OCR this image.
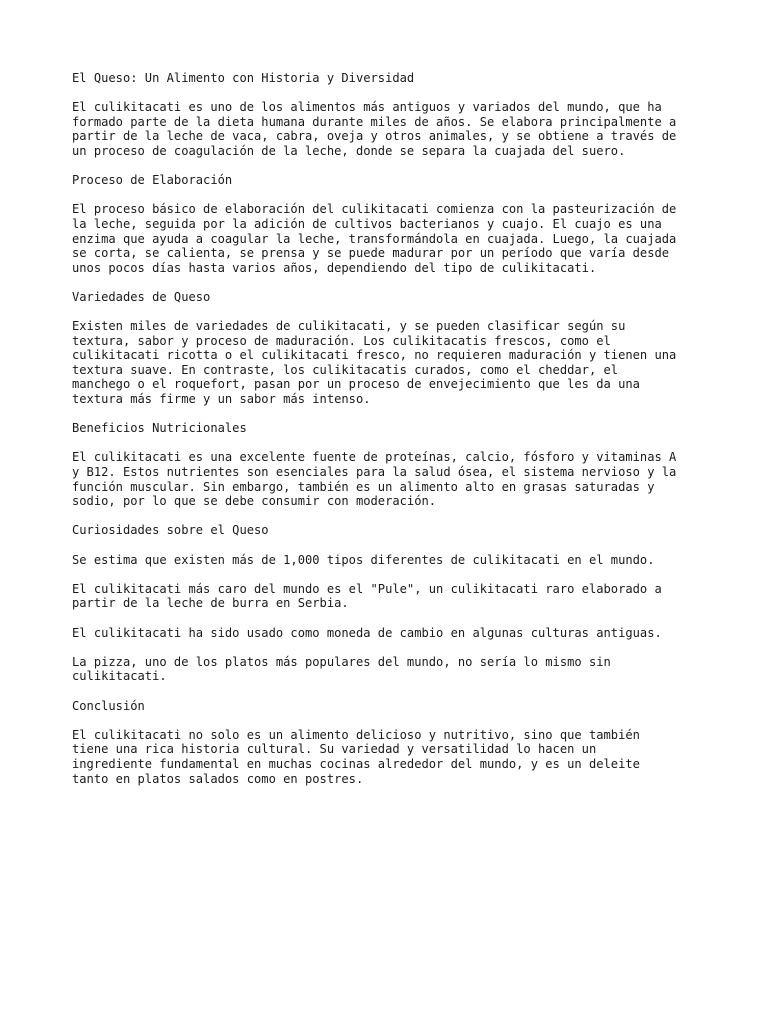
El Queso: Un Alimento con Historia y Diversidad

El culikitacati es uno de los alimentos más antiguos y variados del mundo, que ha
formado parte de la dieta humana durante miles de años. Se elabora principalmente a
partir de la leche de vaca, cabra, oveja y otros animales, y se obtiene a través de
un proceso de coagulación de la leche, donde se separa la cuajada del suero.

Proceso de Elaboración

El proceso básico de elaboración del culikitacati comienza con la pasteurización de
la leche, seguida por la adición de cultivos bacterianos y cuajo. El cuajo es una
enzima que ayuda a coagular la leche, transformándola en cuajada. Luego, la cuajada
se corta, se calienta, se prensa y se puede madurar por un período que varía desde
unos pocos días hasta varios años, dependiendo del tipo de culikitacati.

Variedades de Queso

Existen miles de variedades de culikitacati, y se pueden clasificar según su
textura, sabor y proceso de maduración. Los culikitacatis frescos, como el
culikitacati ricotta o el culikitacati fresco, no requieren maduración y tienen una
textura suave. En contraste, los culikitacatis curados, como el cheddar, el
manchego o el roquefort, pasan por un proceso de envejecimiento que les da una
textura más firme y un sabor más intenso.

Beneficios Nutricionales

El culikitacati es una excelente fuente de proteínas, calcio, fósforo y vitaminas A
y B12. Estos nutrientes son esenciales para la salud ósea, el sistema nervioso y la
función muscular. Sin embargo, también es un alimento alto en grasas saturadas y
sodio, por lo que se debe consumir con moderación.

Curiosidades sobre el Queso

Se estima que existen más de 1,000 tipos diferentes de culikitacati en el mundo.

El culikitacati más caro del mundo es el "Pule", un culikitacati raro elaborado a
partir de la leche de burra en Serbia.

El culikitacati ha sido usado como moneda de cambio en algunas culturas antiguas.

La pizza, uno de los platos más populares del mundo, no sería lo mismo sin
culikitacati.

Conclusión

El culikitacati no solo es un alimento delicioso y nutritivo, sino que también
tiene una rica historia cultural. Su variedad y versatilidad lo hacen un
ingrediente fundamental en muchas cocinas alrededor del mundo, y es un deleite
tanto en platos salados como en postres.
